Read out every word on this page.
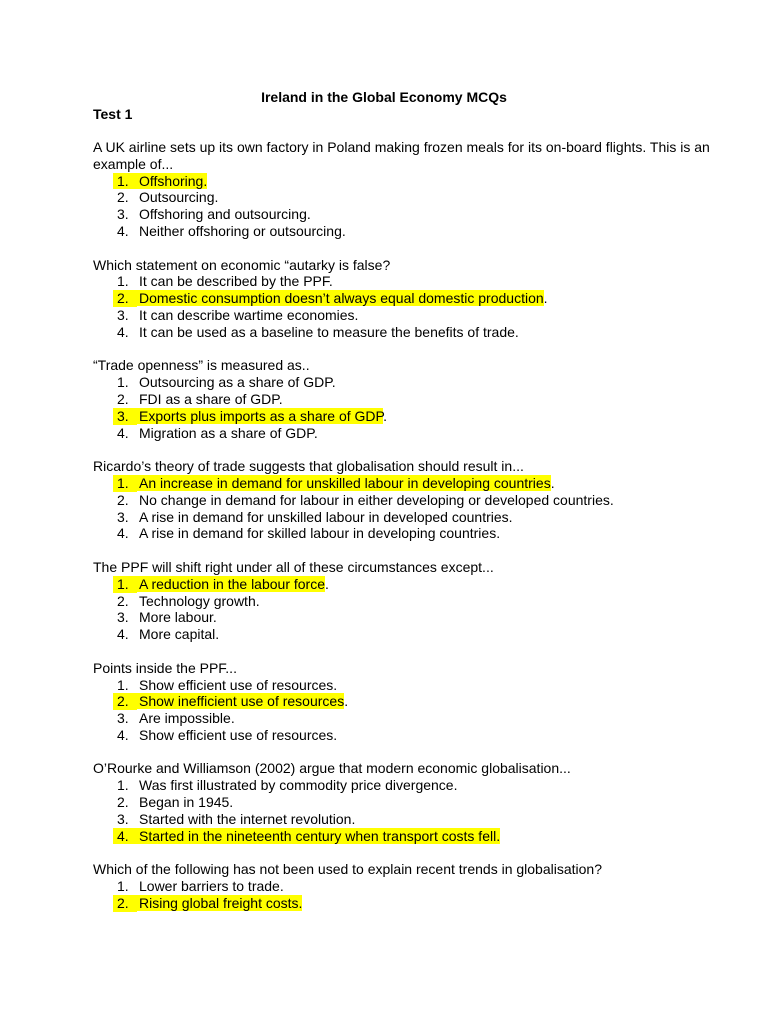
Ireland in the Global Economy MCQs
Test 1
A UK airline sets up its own factory in Poland making frozen meals for its on-board flights. This is an example of...
1. Offshoring.
2. Outsourcing.
3. Offshoring and outsourcing.
4. Neither offshoring or outsourcing.
Which statement on economic “autarky is false?
1. It can be described by the PPF.
2. Domestic consumption doesn’t always equal domestic production.
3. It can describe wartime economies.
4. It can be used as a baseline to measure the benefits of trade.
“Trade openness” is measured as..
1. Outsourcing as a share of GDP.
2. FDI as a share of GDP.
3. Exports plus imports as a share of GDP.
4. Migration as a share of GDP.
Ricardo’s theory of trade suggests that globalisation should result in...
1. An increase in demand for unskilled labour in developing countries.
2. No change in demand for labour in either developing or developed countries.
3. A rise in demand for unskilled labour in developed countries.
4. A rise in demand for skilled labour in developing countries.
The PPF will shift right under all of these circumstances except...
1. A reduction in the labour force.
2. Technology growth.
3. More labour.
4. More capital.
Points inside the PPF...
1. Show efficient use of resources.
2. Show inefficient use of resources.
3. Are impossible.
4. Show efficient use of resources.
O’Rourke and Williamson (2002) argue that modern economic globalisation...
1. Was first illustrated by commodity price divergence.
2. Began in 1945.
3. Started with the internet revolution.
4. Started in the nineteenth century when transport costs fell.
Which of the following has not been used to explain recent trends in globalisation?
1. Lower barriers to trade.
2. Rising global freight costs.
